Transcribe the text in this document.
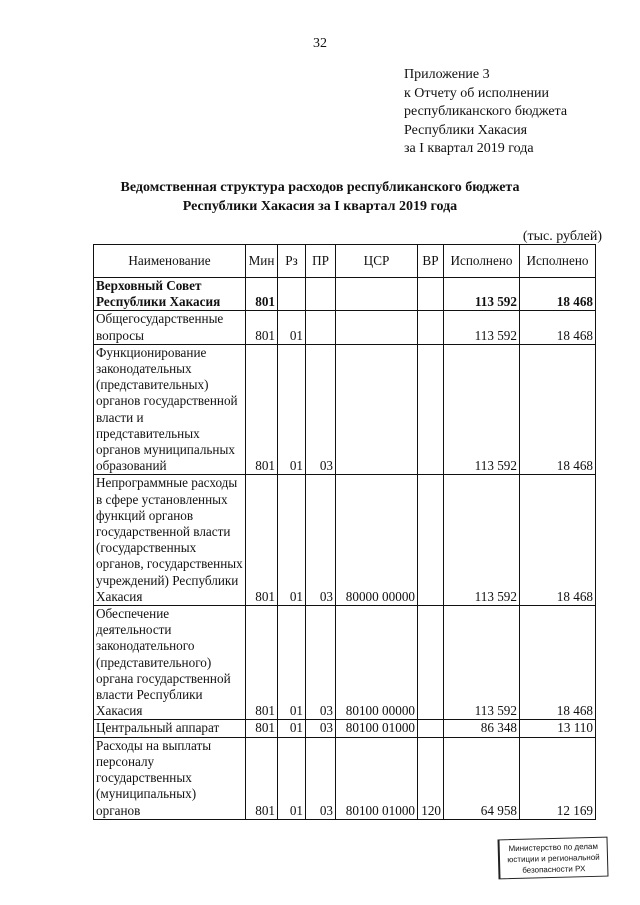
32
Приложение 3
к Отчету об исполнении
республиканского бюджета
Республики Хакасия
за I квартал 2019 года
Ведомственная структура расходов республиканского бюджета
Республики Хакасия за I квартал 2019 года
(тыс. рублей)
Наименование	Мин	Рз	ПР	ЦСР	ВР	Исполнено	Исполнено
Верховный Совет Республики Хакасия	801					113 592	18 468
Общегосударственные вопросы	801	01				113 592	18 468
Функционирование законодательных (представительных) органов государственной власти и представительных органов муниципальных образований	801	01	03			113 592	18 468
Непрограммные расходы в сфере установленных функций органов государственной власти (государственных органов, государственных учреждений) Республики Хакасия	801	01	03	80000 00000		113 592	18 468
Обеспечение деятельности законодательного (представительного) органа государственной власти Республики Хакасия	801	01	03	80100 00000		113 592	18 468
Центральный аппарат	801	01	03	80100 01000		86 348	13 110
Расходы на выплаты персоналу государственных (муниципальных) органов	801	01	03	80100 01000	120	64 958	12 169
Министерство по делам
юстиции и региональной
безопасности РХ
